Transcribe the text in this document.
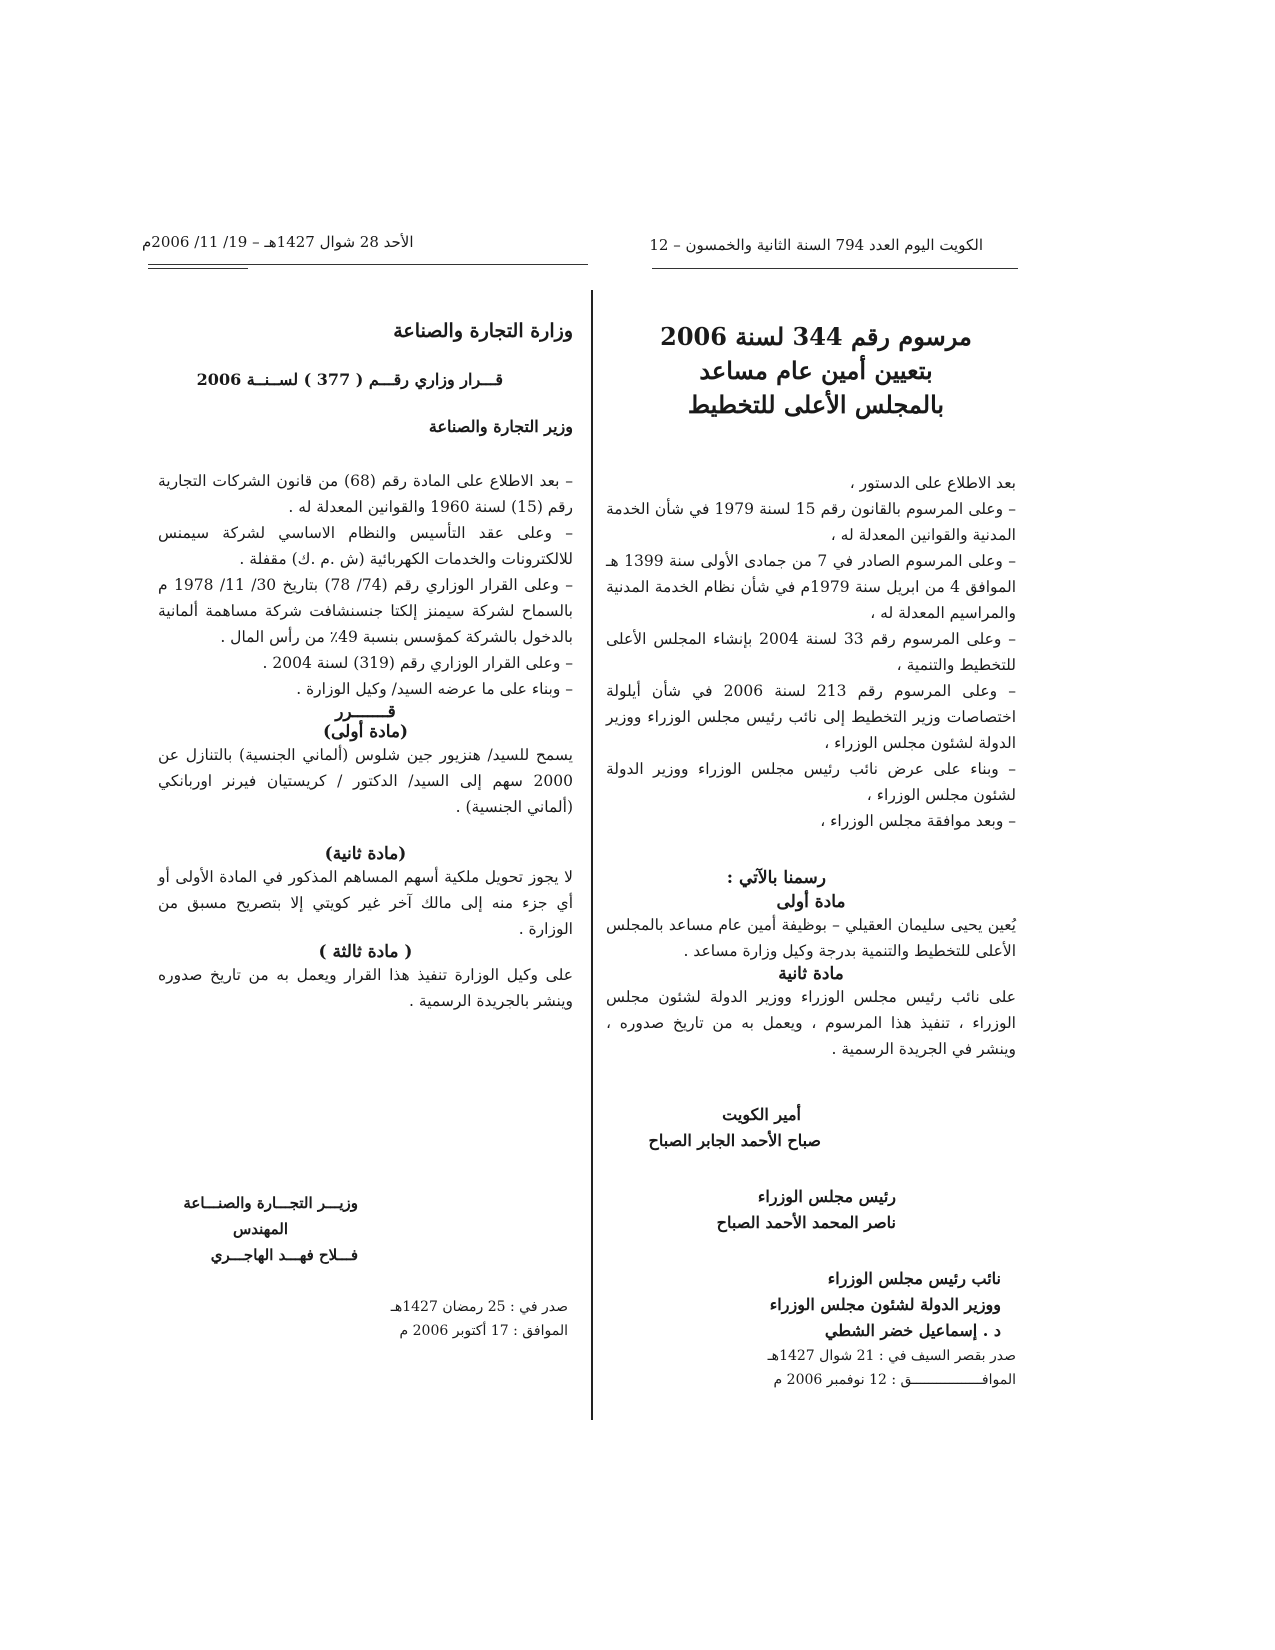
الكويت اليوم العدد 794 السنة الثانية والخمسون – 12
الأحد 28 شوال 1427هـ – 19/ 11/ 2006م
مرسوم رقم 344 لسنة 2006
بتعيين أمين عام مساعد
بالمجلس الأعلى للتخطيط

بعد الاطلاع على الدستور ،

– وعلى المرسوم بالقانون رقم 15 لسنة 1979 في شأن الخدمة المدنية والقوانين المعدلة له ،

– وعلى المرسوم الصادر في 7 من جمادى الأولى سنة 1399 هـ الموافق 4 من ابريل سنة 1979م في شأن نظام الخدمة المدنية والمراسيم المعدلة له ،

– وعلى المرسوم رقم 33 لسنة 2004 بإنشاء المجلس الأعلى للتخطيط والتنمية ،

– وعلى المرسوم رقم 213 لسنة 2006 في شأن أيلولة اختصاصات وزير التخطيط إلى نائب رئيس مجلس الوزراء ووزير الدولة لشئون مجلس الوزراء ،

– وبناء على عرض نائب رئيس مجلس الوزراء ووزير الدولة لشئون مجلس الوزراء ،

– وبعد موافقة مجلس الوزراء ،

رسمنا بالآتي :
مادة أولى

يُعين يحيى سليمان العقيلي – بوظيفة أمين عام مساعد بالمجلس الأعلى للتخطيط والتنمية بدرجة وكيل وزارة مساعد .

مادة ثانية

على نائب رئيس مجلس الوزراء ووزير الدولة لشئون مجلس الوزراء ، تنفيذ هذا المرسوم ، ويعمل به من تاريخ صدوره ، وينشر في الجريدة الرسمية .

أمير الكويت
صباح الأحمد الجابر الصباح
رئيس مجلس الوزراء
ناصر المحمد الأحمد الصباح
نائب رئيس مجلس الوزراء
ووزير الدولة لشئون مجلس الوزراء
د . إسماعيل خضر الشطي
صدر بقصر السيف في : 21 شوال 1427هـ
الموافـــــــــــــــــق : 12 نوفمبر 2006 م
وزارة التجارة والصناعة
قـــرار وزاري رقـــم ( 377 ) لســنــة 2006
وزير التجارة والصناعة

– بعد الاطلاع على المادة رقم (68) من قانون الشركات التجارية رقم (15) لسنة 1960 والقوانين المعدلة له .

– وعلى عقد التأسيس والنظام الاساسي لشركة سيمنس للالكترونات والخدمات الكهربائية (ش .م .ك) مقفلة .

– وعلى القرار الوزاري رقم (74/ 78) بتاريخ 30/ 11/ 1978 م بالسماح لشركة سيمنز إلكتا جنسنشافت شركة مساهمة ألمانية بالدخول بالشركة كمؤسس بنسبة 49٪ من رأس المال .

– وعلى القرار الوزاري رقم (319) لسنة 2004 .

– وبناء على ما عرضه السيد/ وكيل الوزارة .

قـــــــرر
(مادة أولى)

يسمح للسيد/ هنزيور جين شلوس (ألماني الجنسية) بالتنازل عن 2000 سهم إلى السيد/ الدكتور / كريستيان فيرنر اوربانكي (ألماني الجنسية) .

(مادة ثانية)

لا يجوز تحويل ملكية أسهم المساهم المذكور في المادة الأولى أو أي جزء منه إلى مالك آخر غير كويتي إلا بتصريح مسبق من الوزارة .

( مادة ثالثة )

على وكيل الوزارة تنفيذ هذا القرار ويعمل به من تاريخ صدوره وينشر بالجريدة الرسمية .

وزيـــر التجـــارة والصنـــاعة
المهندس
فـــلاح فهـــد الهاجـــري
صدر في : 25 رمضان 1427هـ
الموافق : 17 أكتوبر 2006 م
